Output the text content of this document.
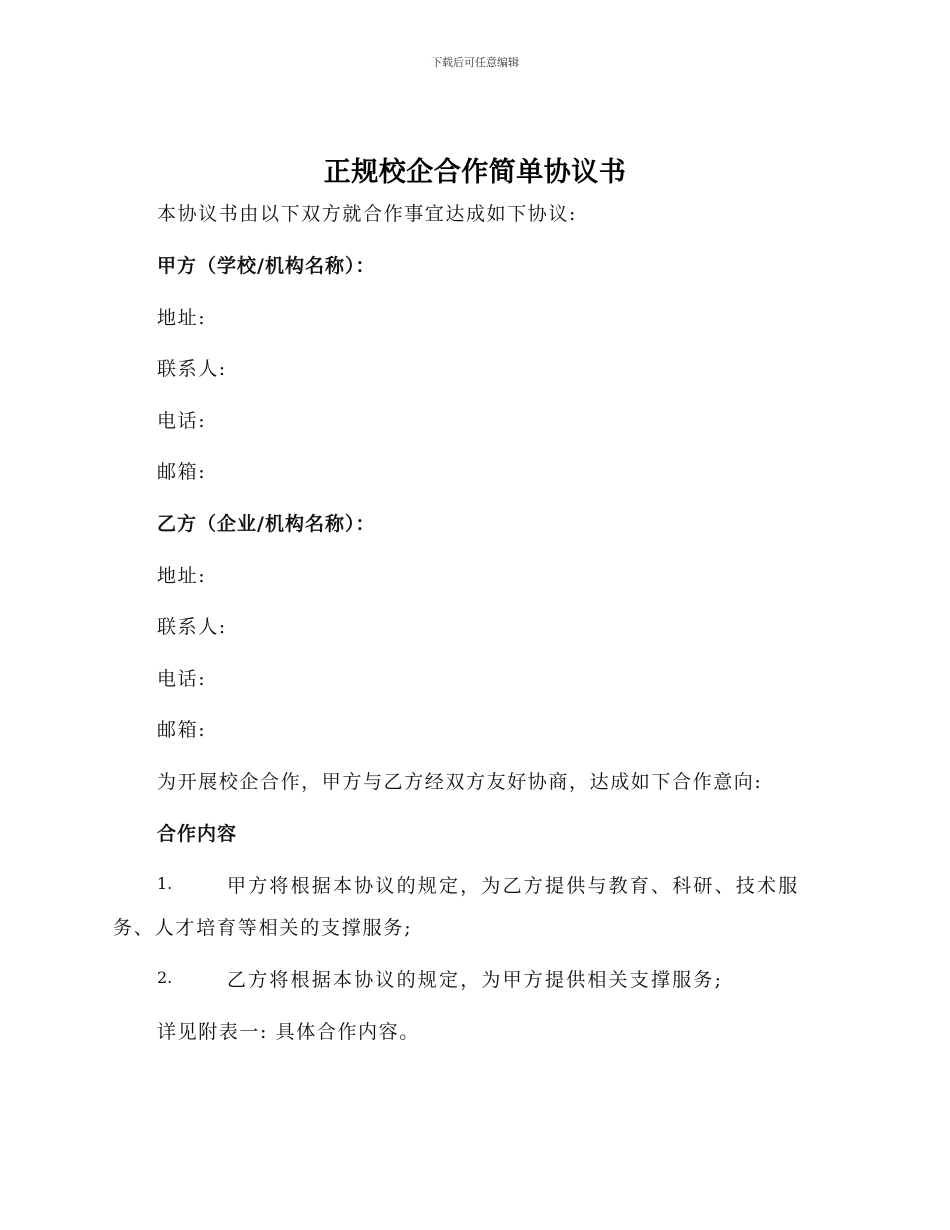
下载后可任意编辑
正规校企合作简单协议书
本协议书由以下双方就合作事宜达成如下协议:
甲方（学校/机构名称）：
地址:
联系人:
电话:
邮箱:
乙方（企业/机构名称）：
地址:
联系人:
电话:
邮箱:
为开展校企合作，甲方与乙方经双方友好协商，达成如下合作意向:
合作内容
1.	甲方将根据本协议的规定，为乙方提供与教育、科研、技术服
务、人才培育等相关的支撑服务;
2.	乙方将根据本协议的规定，为甲方提供相关支撑服务;
详见附表一: 具体合作内容。
